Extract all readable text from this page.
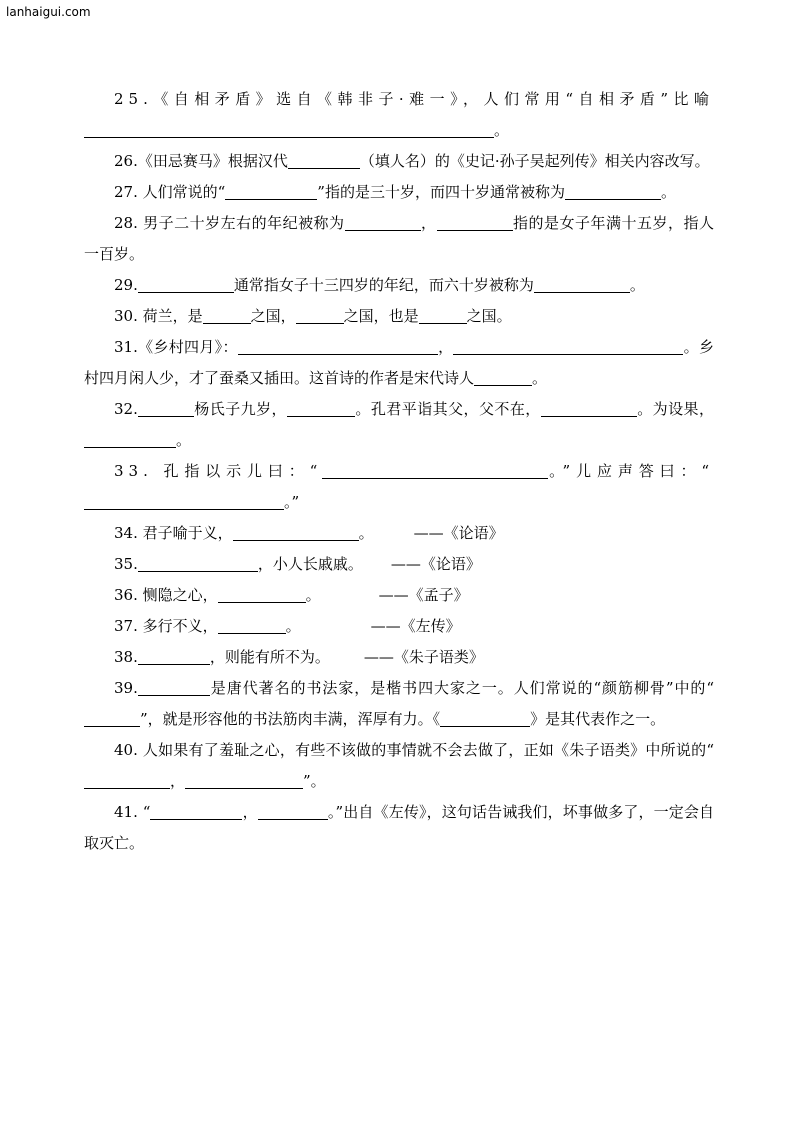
lanhaigui.com
25.《自相矛盾》选自《韩非子·难一》，人们常用“自相矛盾”比喻。
26.《田忌赛马》根据汉代	（填人名）的《史记·孙子吴起列传》相关内容改写。
27. 人们常说的“	”指的是三十岁，而四十岁通常被称为	。
28. 男子二十岁左右的年纪被称为	，	指的是女子年满十五岁，指人一百岁。
29.	通常指女子十三四岁的年纪，而六十岁被称为	。
30. 荷兰，是	之国，	之国，也是	之国。
31.《乡村四月》：	，	。乡村四月闲人少，才了蚕桑又插田。这首诗的作者是宋代诗人	。
32.	杨氏子九岁，	。孔君平诣其父，父不在，	。为设果，。
33. 孔指以示儿曰：“	。”儿应声答曰：“。”
34. 君子喻于义，	。	——《论语》
35.	，小人长戚戚。 ——《论语》
36. 恻隐之心，	。	——《孟子》
37. 多行不义，	。	——《左传》
38.	，则能有所不为。 ——《朱子语类》
39.	是唐代著名的书法家，是楷书四大家之一。人们常说的“颜筋柳骨”中的“”，就是形容他的书法筋肉丰满，浑厚有力。《	》是其代表作之一。
40. 人如果有了羞耻之心，有些不该做的事情就不会去做了，正如《朱子语类》中所说的“，	”。
41. “	，	。”出自《左传》，这句话告诫我们，坏事做多了，一定会自取灭亡。
